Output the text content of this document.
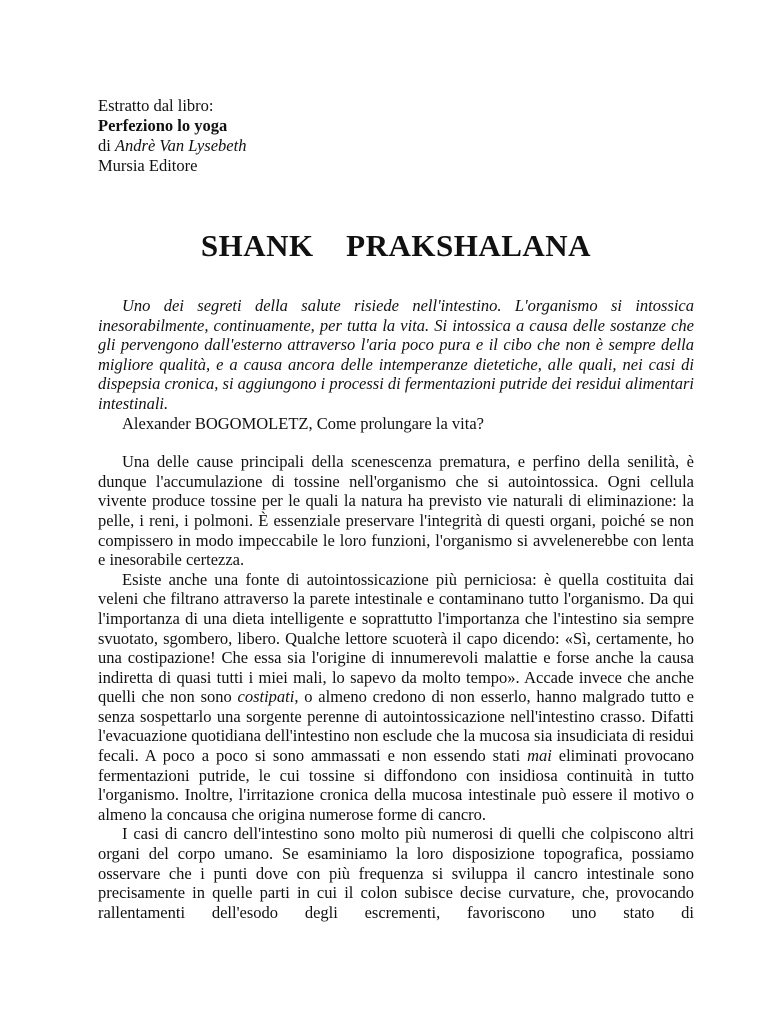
Estratto dal libro:
Perfeziono lo yoga
di Andrè Van Lysebeth
Mursia Editore
SHANK  PRAKSHALANA
Uno dei segreti della salute risiede nell'intestino. L'organismo si intossica inesorabilmente, continuamente, per tutta la vita. Si intossica a causa delle sostanze che gli pervengono dall'esterno attraverso l'aria poco pura e il cibo che non è sempre della migliore qualità, e a causa ancora delle intemperanze dietetiche, alle quali, nei casi di dispepsia cronica, si aggiungono i processi di fermentazioni putride dei residui alimentari intestinali.
Alexander BOGOMOLETZ, Come prolungare la vita?

Una delle cause principali della scenescenza prematura, e perfino della senilità, è dunque l'accumulazione di tossine nell'organismo che si autointossica. Ogni cellula vivente produce tossine per le quali la natura ha previsto vie naturali di eliminazione: la pelle, i reni, i polmoni. È essenziale preservare l'integrità di questi organi, poiché se non compissero in modo impeccabile le loro funzioni, l'organismo si avvelenerebbe con lenta e inesorabile certezza.

Esiste anche una fonte di autointossicazione più perniciosa: è quella costituita dai veleni che filtrano attraverso la parete intestinale e contaminano tutto l'organismo. Da qui l'importanza di una dieta intelligente e soprattutto l'importanza che l'intestino sia sempre svuotato, sgombero, libero. Qualche lettore scuoterà il capo dicendo: «Sì, certamente, ho una costipazione! Che essa sia l'origine di innumerevoli malattie e forse anche la causa indiretta di quasi tutti i miei mali, lo sapevo da molto tempo». Accade invece che anche quelli che non sono costipati, o almeno credono di non esserlo, hanno malgrado tutto e senza sospettarlo una sorgente perenne di autointossicazione nell'intestino crasso. Difatti l'evacuazione quotidiana dell'intestino non esclude che la mucosa sia insudiciata di residui fecali. A poco a poco si sono ammassati e non essendo stati mai eliminati provocano fermentazioni putride, le cui tossine si diffondono con insidiosa continuità in tutto l'organismo. Inoltre, l'irritazione cronica della mucosa intestinale può essere il motivo o almeno la concausa che origina numerose forme di cancro.

I casi di cancro dell'intestino sono molto più numerosi di quelli che colpiscono altri organi del corpo umano. Se esaminiamo la loro disposizione topografica, possiamo osservare che i punti dove con più frequenza si sviluppa il cancro intestinale sono precisamente in quelle parti in cui il colon subisce decise curvature, che, provocando rallentamenti dell'esodo degli escrementi, favoriscono uno stato di
